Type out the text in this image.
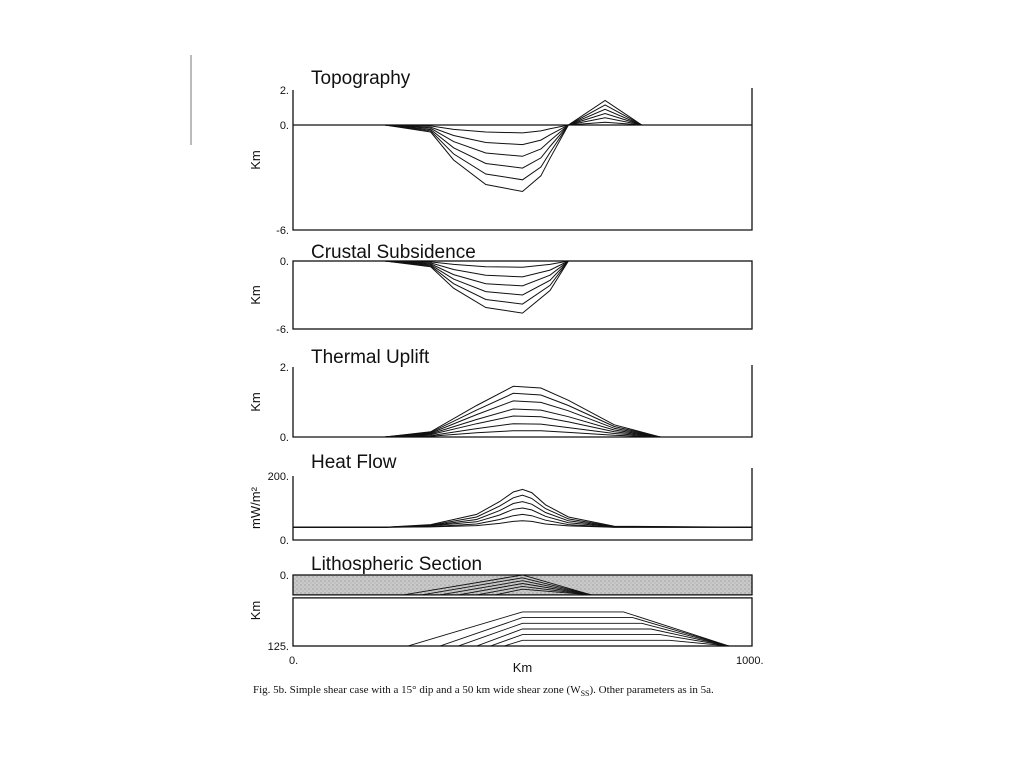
Topography
2.
0.
-6.
Km
Crustal Subsidence
0.
-6.
Km
Thermal Uplift
2.
0.
Km
Heat Flow
200.
0.
mW/m²
Lithospheric Section
0.
125.
Km
0.	1000.
Km
Fig. 5b. Simple shear case with a 15° dip and a 50 km wide shear zone $(W_{SS})$. Other parameters as in 5a.
